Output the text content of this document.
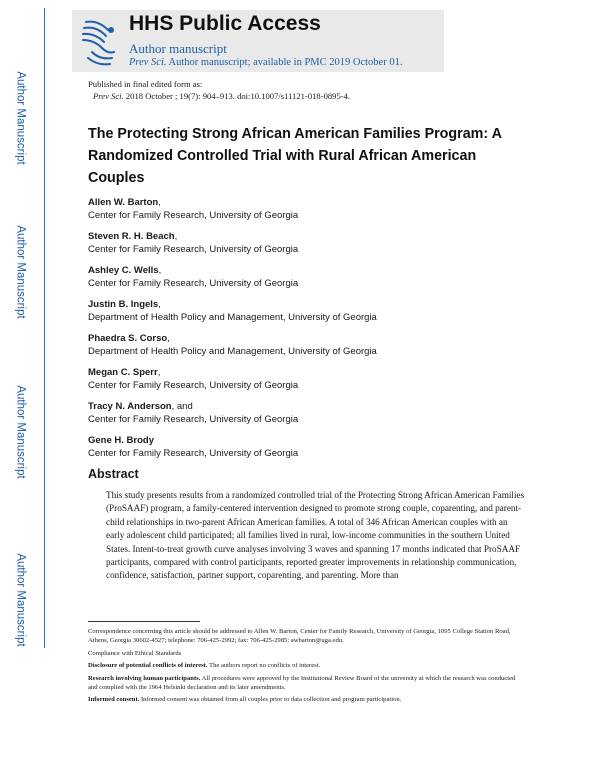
Author Manuscript
Author Manuscript
Author Manuscript
Author Manuscript
HHS Public Access
Author manuscript
Prev Sci. Author manuscript; available in PMC 2019 October 01.
Published in final edited form as:
Prev Sci. 2018 October ; 19(7): 904–913. doi:10.1007/s11121-018-0895-4.
The Protecting Strong African American Families Program: A Randomized Controlled Trial with Rural African American Couples
Allen W. Barton,
Center for Family Research, University of Georgia
Steven R. H. Beach,
Center for Family Research, University of Georgia
Ashley C. Wells,
Center for Family Research, University of Georgia
Justin B. Ingels,
Department of Health Policy and Management, University of Georgia
Phaedra S. Corso,
Department of Health Policy and Management, University of Georgia
Megan C. Sperr,
Center for Family Research, University of Georgia
Tracy N. Anderson, and
Center for Family Research, University of Georgia
Gene H. Brody
Center for Family Research, University of Georgia
Abstract
This study presents results from a randomized controlled trial of the Protecting Strong African American Families (ProSAAF) program, a family-centered intervention designed to promote strong couple, coparenting, and parent-child relationships in two-parent African American families. A total of 346 African American couples with an early adolescent child participated; all families lived in rural, low-income communities in the southern United States. Intent-to-treat growth curve analyses involving 3 waves and spanning 17 months indicated that ProSAAF participants, compared with control participants, reported greater improvements in relationship communication, confidence, satisfaction, partner support, coparenting, and parenting. More than

Correspondence concerning this article should be addressed to Allen W. Barton, Center for Family Research, University of Georgia, 1095 College Station Road, Athens, Georgia 30602-4527; telephone: 706-425-2992; fax: 706-425-2985; awbarton@uga.edu.

Compliance with Ethical Standards

Disclosure of potential conflicts of interest. The authors report no conflicts of interest.

Research involving human participants. All procedures were approved by the Institutional Review Board of the university at which the research was conducted and complied with the 1964 Helsinki declaration and its later amendments.

Informed consent. Informed consent was obtained from all couples prior to data collection and program participation.
